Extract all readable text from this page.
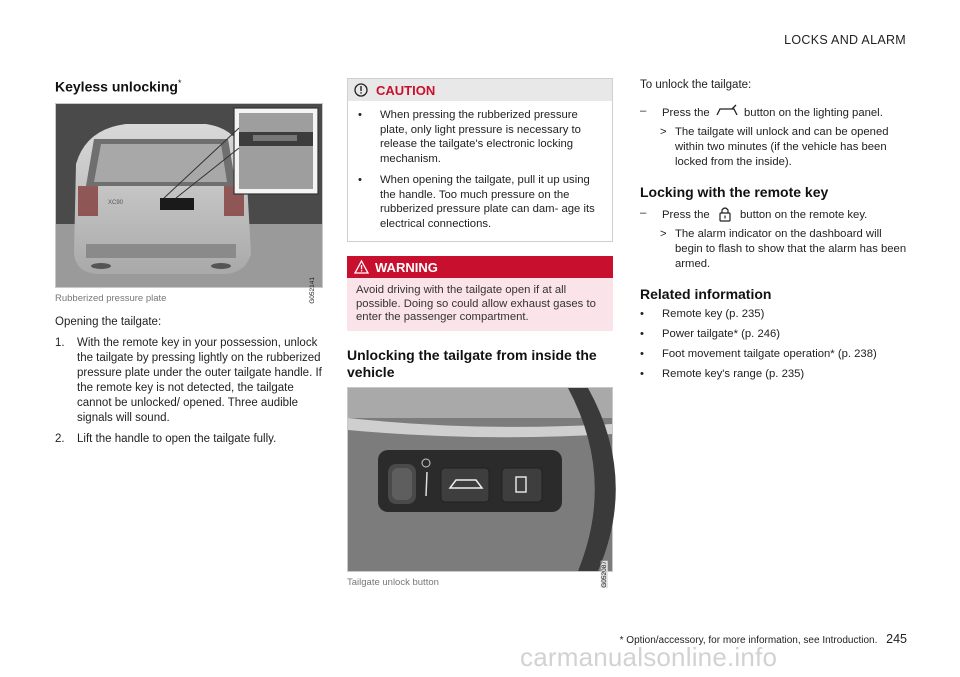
LOCKS AND ALARM
Keyless unlocking*
XC90
G052141
Rubberized pressure plate
Opening the tailgate:
1.	With the remote key in your possession, unlock the tailgate by pressing lightly on the rubberized pressure plate under the outer tailgate handle. If the remote key is not detected, the tailgate cannot be unlocked/ opened. Three audible signals will sound.
2.	Lift the handle to open the tailgate fully.
CAUTION
•	When pressing the rubberized pressure plate, only light pressure is necessary to release the tailgate's electronic locking mechanism.
•	When opening the tailgate, pull it up using the handle. Too much pressure on the rubberized pressure plate can dam- age its electrical connections.
WARNING
Avoid driving with the tailgate open if at all possible. Doing so could allow exhaust gases to enter the passenger compartment.
Unlocking the tailgate from inside the vehicle
G052087
Tailgate unlock button
To unlock the tailgate:
–	Press the	button on the lighting panel.
> The tailgate will unlock and can be opened within two minutes (if the vehicle has been locked from the inside).
Locking with the remote key
–	Press the	button on the remote key.
> The alarm indicator on the dashboard will begin to flash to show that the alarm has been armed.
Related information
•	Remote key (p. 235)
•	Power tailgate* (p. 246)
•	Foot movement tailgate operation* (p. 238)
•	Remote key's range (p. 235)
* Option/accessory, for more information, see Introduction. 245
carmanualsonline.info
